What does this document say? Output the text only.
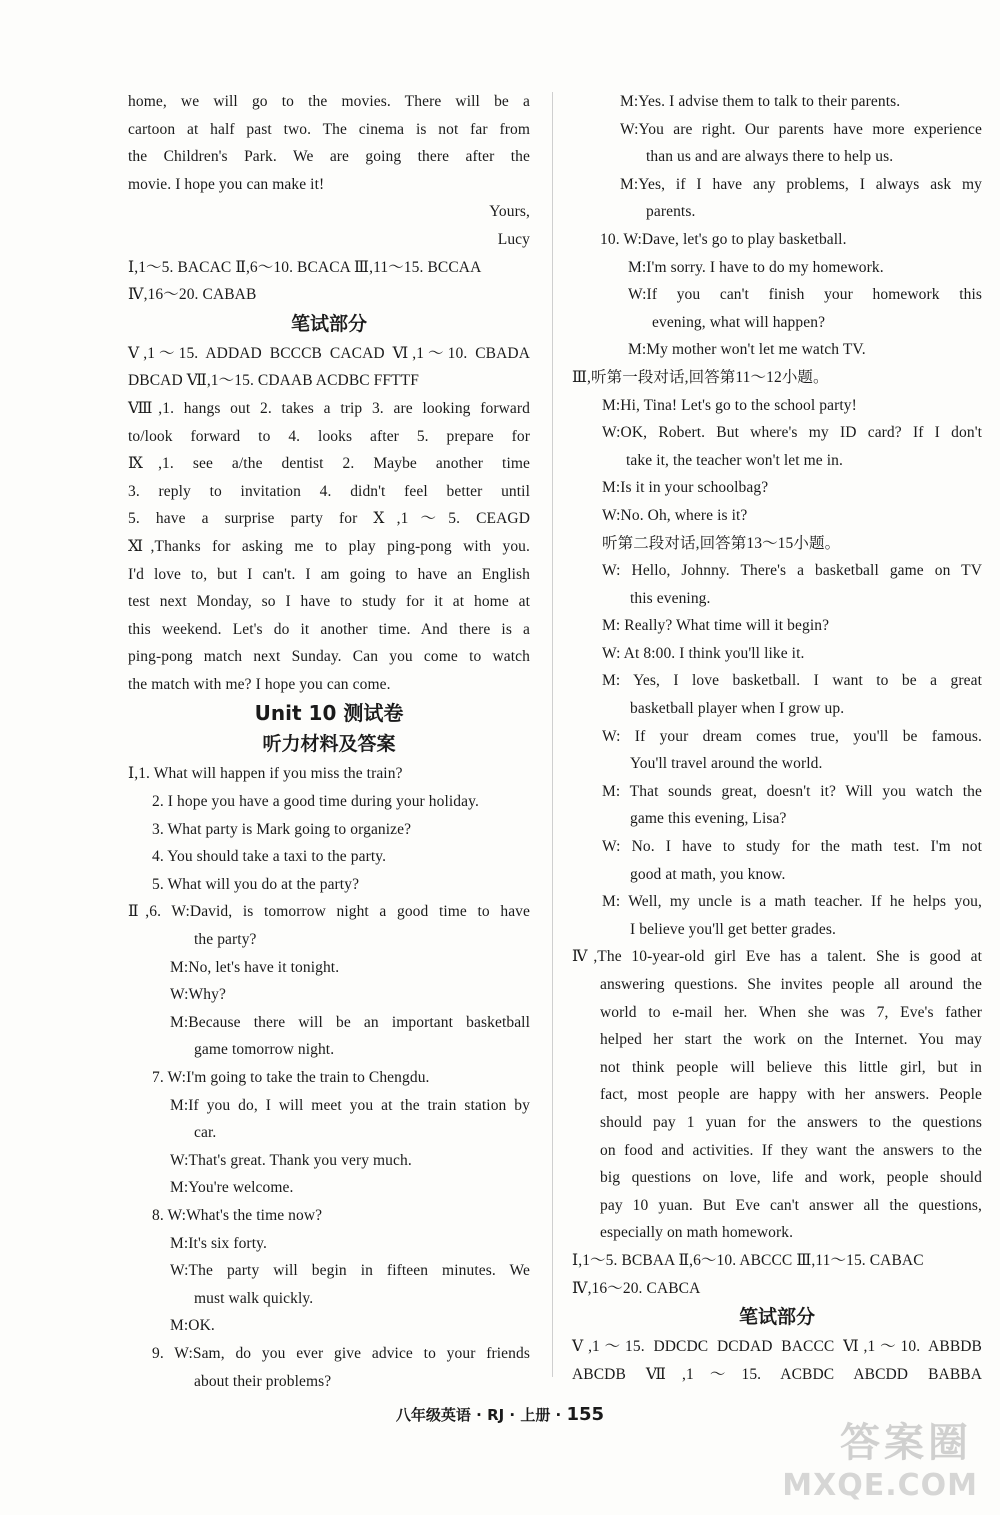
home, we will go to the movies. There will be a
cartoon at half past two. The cinema is not far from
the Children's Park. We are going there after the
movie. I hope you can make it!
Yours,
Lucy
Ⅰ,1～5. BACAC Ⅱ,6～10. BCACA Ⅲ,11～15. BCCAA
Ⅳ,16～20. CABAB
笔试部分
Ⅴ,1～15. ADDAD BCCCB CACAD Ⅵ,1～10. CBADA
DBCAD Ⅶ,1～15. CDAAB ACDBC FFTTF
Ⅷ,1. hangs out 2. takes a trip 3. are looking forward
to/look forward to 4. looks after 5. prepare for
Ⅸ,1. see a/the dentist 2. Maybe another time
3. reply to invitation 4. didn't feel better until
5. have a surprise party for Ⅹ,1～5. CEAGD
Ⅺ,Thanks for asking me to play ping-pong with you.
I'd love to, but I can't. I am going to have an English
test next Monday, so I have to study for it at home at
this weekend. Let's do it another time. And there is a
ping-pong match next Sunday. Can you come to watch
the match with me? I hope you can come.
Unit 10 测试卷
听力材料及答案
Ⅰ,1. What will happen if you miss the train?
2. I hope you have a good time during your holiday.
3. What party is Mark going to organize?
4. You should take a taxi to the party.
5. What will you do at the party?
Ⅱ,6. W:David, is tomorrow night a good time to have
the party?
M:No, let's have it tonight.
W:Why?
M:Because there will be an important basketball
game tomorrow night.
7. W:I'm going to take the train to Chengdu.
M:If you do, I will meet you at the train station by
car.
W:That's great. Thank you very much.
M:You're welcome.
8. W:What's the time now?
M:It's six forty.
W:The party will begin in fifteen minutes. We
must walk quickly.
M:OK.
9. W:Sam, do you ever give advice to your friends
about their problems?
M:Yes. I advise them to talk to their parents.
W:You are right. Our parents have more experience
than us and are always there to help us.
M:Yes, if I have any problems, I always ask my
parents.
10. W:Dave, let's go to play basketball.
M:I'm sorry. I have to do my homework.
W:If you can't finish your homework this
evening, what will happen?
M:My mother won't let me watch TV.
Ⅲ,听第一段对话,回答第11～12小题。
M:Hi, Tina! Let's go to the school party!
W:OK, Robert. But where's my ID card? If I don't
take it, the teacher won't let me in.
M:Is it in your schoolbag?
W:No. Oh, where is it?
听第二段对话,回答第13～15小题。
W: Hello, Johnny. There's a basketball game on TV
this evening.
M: Really? What time will it begin?
W: At 8:00. I think you'll like it.
M: Yes, I love basketball. I want to be a great
basketball player when I grow up.
W: If your dream comes true, you'll be famous.
You'll travel around the world.
M: That sounds great, doesn't it? Will you watch the
game this evening, Lisa?
W: No. I have to study for the math test. I'm not
good at math, you know.
M: Well, my uncle is a math teacher. If he helps you,
I believe you'll get better grades.
Ⅳ,The 10-year-old girl Eve has a talent. She is good at
answering questions. She invites people all around the
world to e-mail her. When she was 7, Eve's father
helped her start the work on the Internet. You may
not think people will believe this little girl, but in
fact, most people are happy with her answers. People
should pay 1 yuan for the answers to the questions
on food and activities. If they want the answers to the
big questions on love, life and work, people should
pay 10 yuan. But Eve can't answer all the questions,
especially on math homework.
Ⅰ,1～5. BCBAA Ⅱ,6～10. ABCCC Ⅲ,11～15. CABAC
Ⅳ,16～20. CABCA
笔试部分
Ⅴ,1～15. DDCDC DCDAD BACCC Ⅵ,1～10. ABBDB
ABCDB Ⅶ,1～15. ACBDC ABCDD BABBA
八年级英语 · RJ · 上册 · 155
答案圈
MXQE.COM
